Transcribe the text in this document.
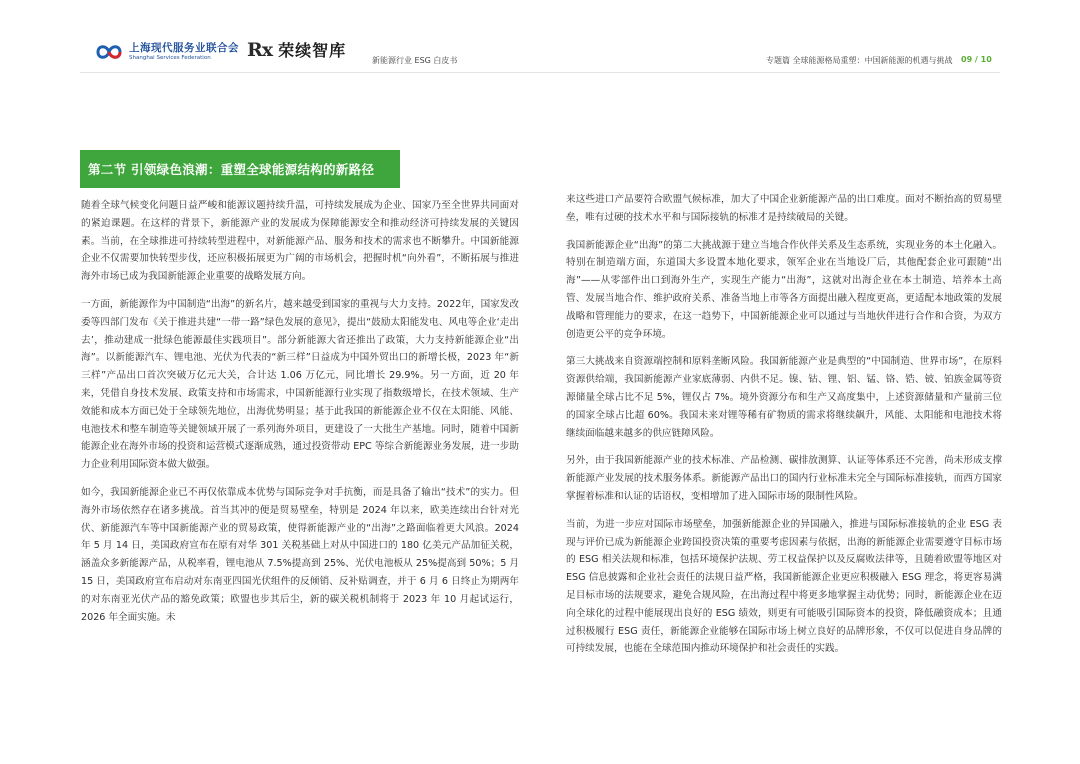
上海现代服务业联合会
Shanghai Services Federation	Rx 荣续智库
新能源行业 ESG 白皮书	专题篇 全球能源格局重塑：中国新能源的机遇与挑战 09 / 10
第二节 引领绿色浪潮：重塑全球能源结构的新路径

随着全球气候变化问题日益严峻和能源议题持续升温，可持续发展成为企业、国家乃至全世界共同面对的紧迫课题。在这样的背景下，新能源产业的发展成为保障能源安全和推动经济可持续发展的关键因素。当前，在全球推进可持续转型进程中，对新能源产品、服务和技术的需求也不断攀升。中国新能源企业不仅需要加快转型步伐，还应积极拓展更为广阔的市场机会，把握时机“向外看”，不断拓展与推进海外市场已成为我国新能源企业重要的战略发展方向。

一方面，新能源作为中国制造“出海”的新名片，越来越受到国家的重视与大力支持。2022年，国家发改委等四部门发布《关于推进共建“一带一路”绿色发展的意见》，提出“鼓励太阳能发电、风电等企业‘走出去’，推动建成一批绿色能源最佳实践项目”。部分新能源大省还推出了政策，大力支持新能源企业“出海”。以新能源汽车、锂电池、光伏为代表的“新三样”日益成为中国外贸出口的新增长极，2023 年“新三样”产品出口首次突破万亿元大关，合计达 1.06 万亿元，同比增长 29.9%。另一方面，近 20 年来，凭借自身技术发展、政策支持和市场需求，中国新能源行业实现了指数级增长，在技术领域、生产效能和成本方面已处于全球领先地位，出海优势明显；基于此我国的新能源企业不仅在太阳能、风能、电池技术和整车制造等关键领域开展了一系列海外项目，更建设了一大批生产基地。同时，随着中国新能源企业在海外市场的投资和运营模式逐渐成熟，通过投资带动 EPC 等综合新能源业务发展，进一步助力企业利用国际资本做大做强。

如今，我国新能源企业已不再仅依靠成本优势与国际竞争对手抗衡，而是具备了输出“技术”的实力。但海外市场依然存在诸多挑战。首当其冲的便是贸易壁垒，特别是 2024 年以来，欧美连续出台针对光伏、新能源汽车等中国新能源产业的贸易政策，使得新能源产业的“出海”之路面临着更大风浪。2024 年 5 月 14 日，美国政府宣布在原有对华 301 关税基础上对从中国进口的 180 亿美元产品加征关税，涵盖众多新能源产品，从税率看，锂电池从 7.5%提高到 25%、光伏电池板从 25%提高到 50%；5 月 15 日，美国政府宣布启动对东南亚四国光伏组件的反倾销、反补贴调查，并于 6 月 6 日终止为期两年的对东南亚光伏产品的豁免政策；欧盟也步其后尘，新的碳关税机制将于 2023 年 10 月起试运行，2026 年全面实施。未

来这些进口产品要符合欧盟气候标准，加大了中国企业新能源产品的出口难度。面对不断抬高的贸易壁垒，唯有过硬的技术水平和与国际接轨的标准才是持续破局的关键。

我国新能源企业“出海”的第二大挑战源于建立当地合作伙伴关系及生态系统，实现业务的本土化融入。特别在制造端方面，东道国大多设置本地化要求，领军企业在当地设厂后，其他配套企业可跟随“出海”——从零部件出口到海外生产，实现生产能力“出海”，这就对出海企业在本土制造、培养本土高管、发展当地合作、维护政府关系、准备当地上市等各方面提出融入程度更高，更适配本地政策的发展战略和管理能力的要求，在这一趋势下，中国新能源企业可以通过与当地伙伴进行合作和合资，为双方创造更公平的竞争环境。

第三大挑战来自资源端控制和原料垄断风险。我国新能源产业是典型的“中国制造、世界市场”，在原料资源供给端，我国新能源产业家底薄弱、内供不足。镍、钴、锂、铝、锰、铬、锆、铍、铂族金属等资源储量全球占比不足 5%，锂仅占 7%。境外资源分布和生产又高度集中，上述资源储量和产量前三位的国家全球占比超 60%。我国未来对锂等稀有矿物质的需求将继续飙升，风能、太阳能和电池技术将继续面临越来越多的供应链障风险。

另外，由于我国新能源产业的技术标准、产品检测、碳排放测算、认证等体系还不完善，尚未形成支撑新能源产业发展的技术服务体系。新能源产品出口的国内行业标准未完全与国际标准接轨，而西方国家掌握着标准和认证的话语权，变相增加了进入国际市场的限制性风险。

当前，为进一步应对国际市场壁垒，加强新能源企业的异国融入，推进与国际标准接轨的企业 ESG 表现与评价已成为新能源企业跨国投资决策的重要考虑因素与依据，出海的新能源企业需要遵守目标市场的 ESG 相关法规和标准，包括环境保护法规、劳工权益保护以及反腐败法律等，且随着欧盟等地区对 ESG 信息披露和企业社会责任的法规日益严格，我国新能源企业更应积极融入 ESG 理念，将更容易满足目标市场的法规要求，避免合规风险，在出海过程中将更多地掌握主动优势；同时，新能源企业在迈向全球化的过程中能展现出良好的 ESG 绩效，则更有可能吸引国际资本的投资，降低融资成本；且通过积极履行 ESG 责任，新能源企业能够在国际市场上树立良好的品牌形象，不仅可以促进自身品牌的可持续发展，也能在全球范围内推动环境保护和社会责任的实践。
